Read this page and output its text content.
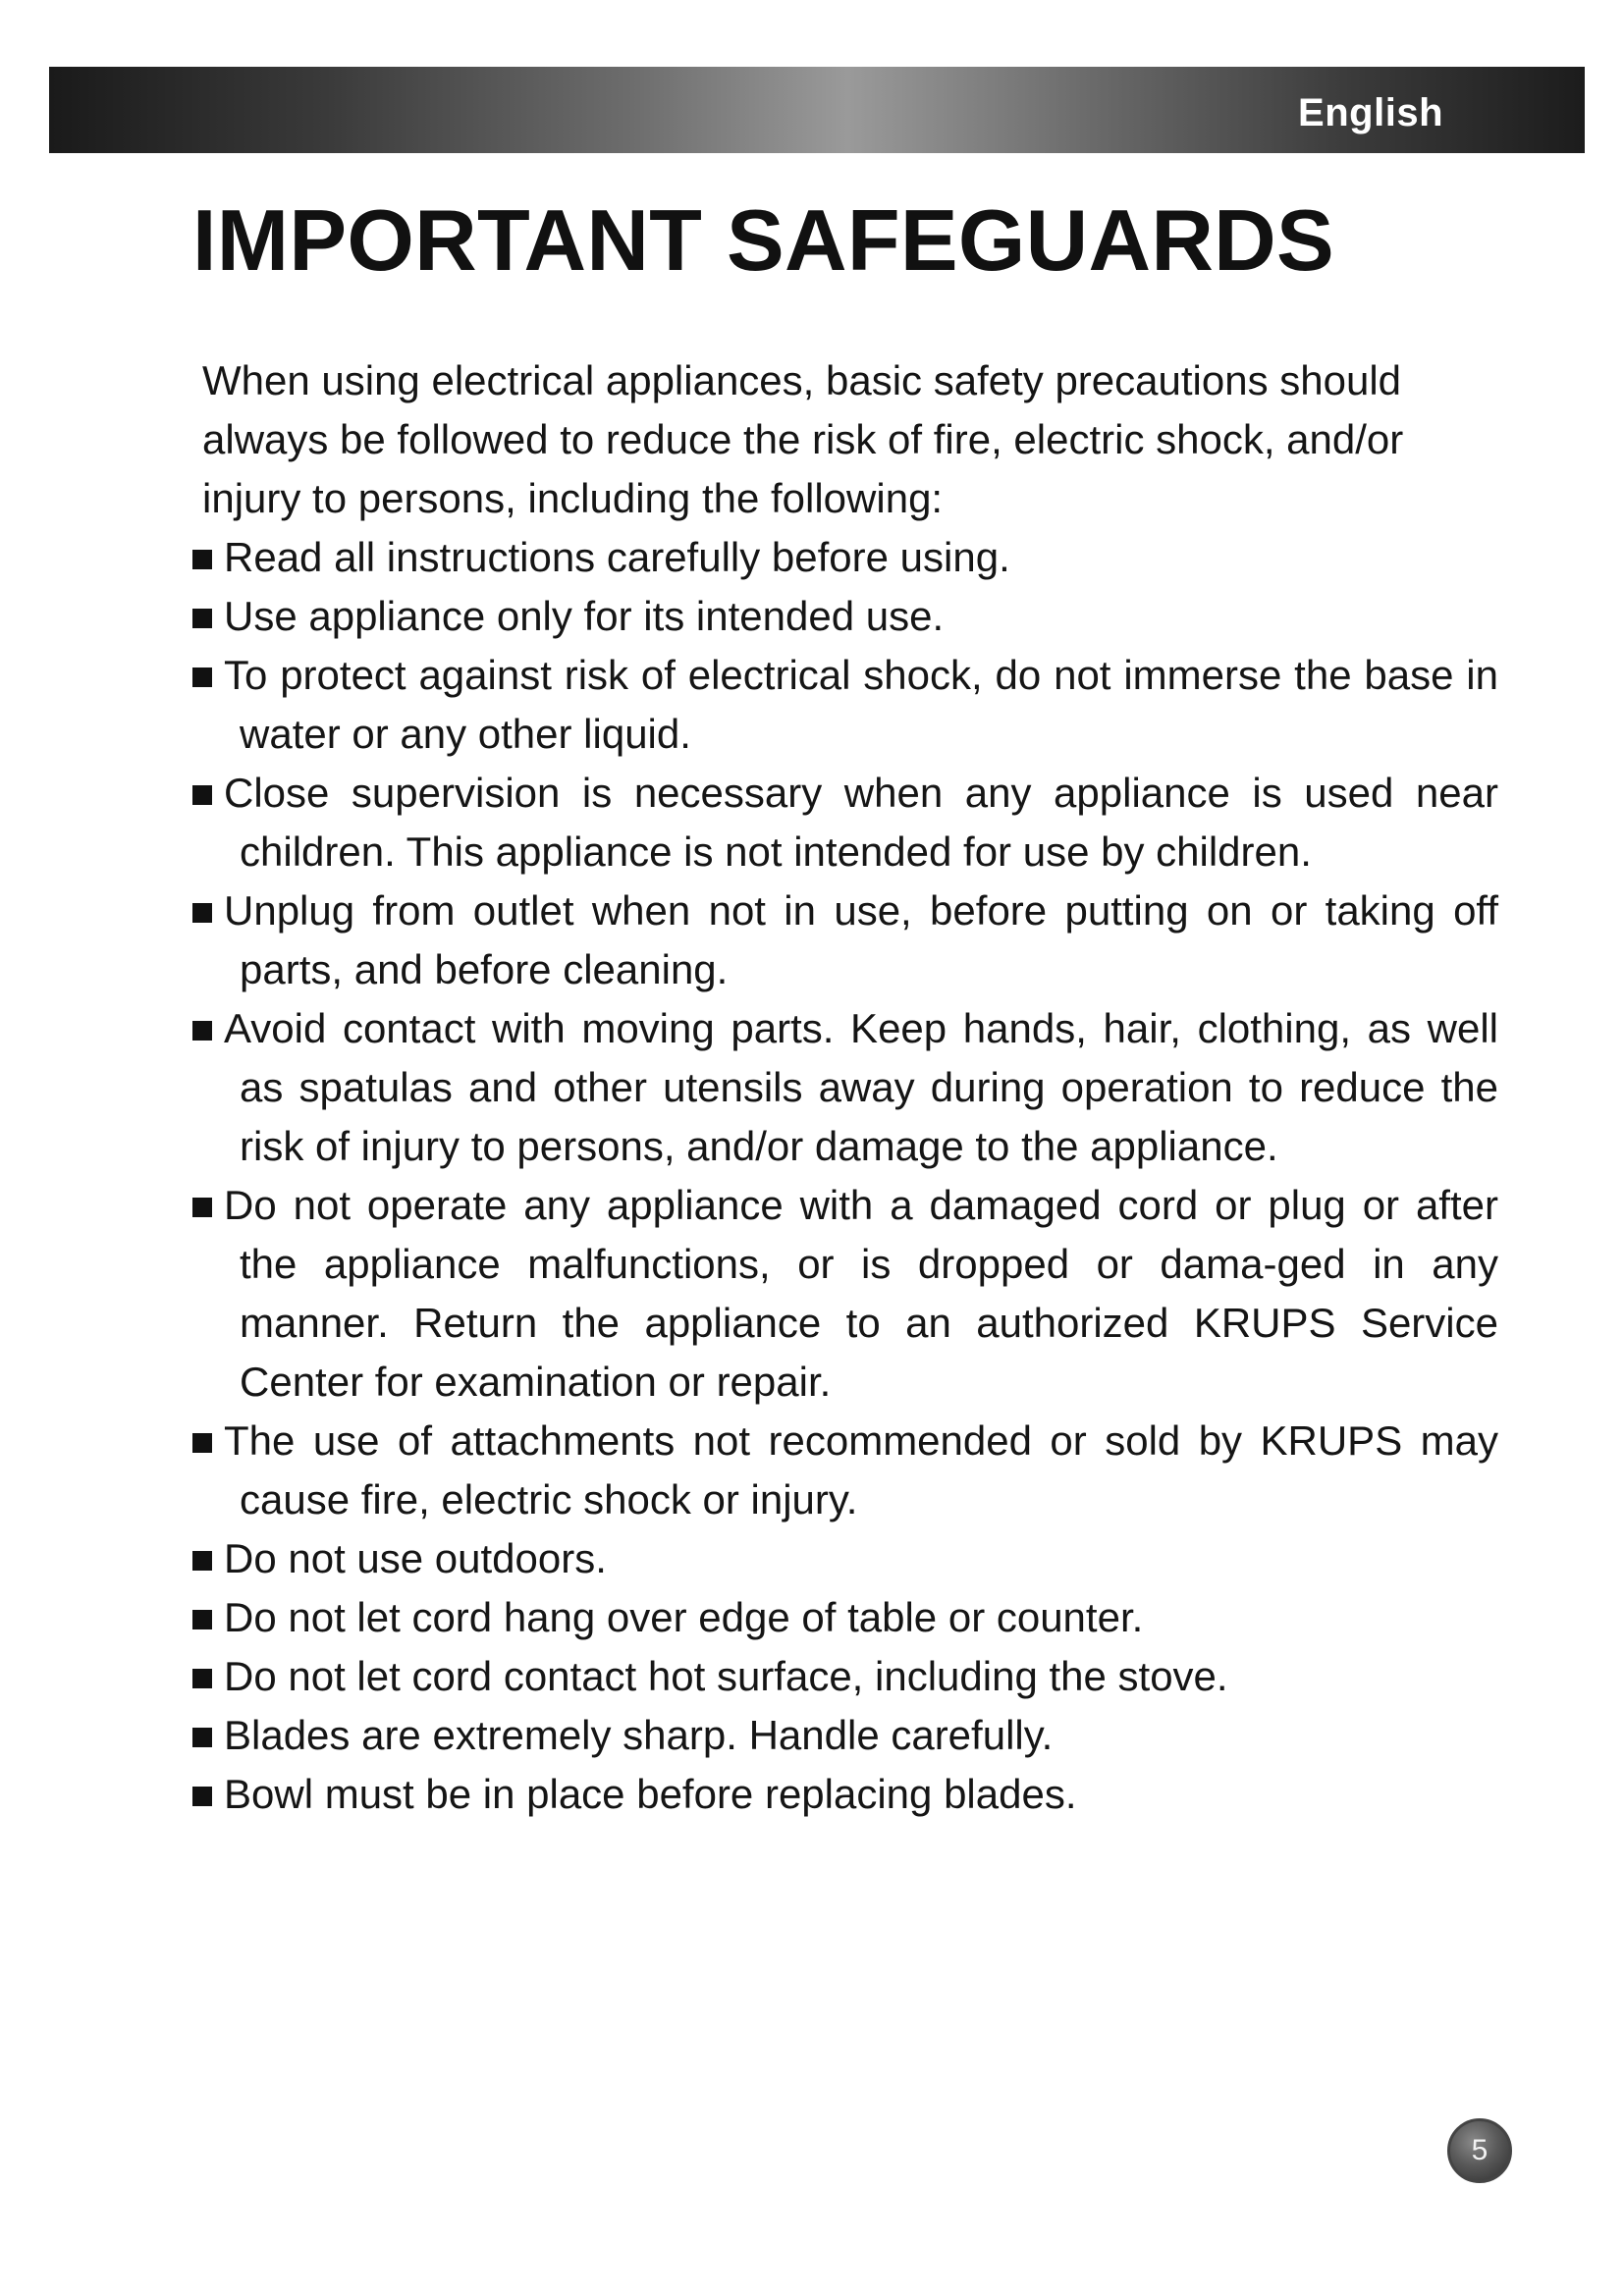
English
IMPORTANT SAFEGUARDS

When using electrical appliances, basic safety precautions should always be followed to reduce the risk of fire, electric shock, and/or injury to persons, including the following:

Read all instructions carefully before using.
Use appliance only for its intended use.
To protect against risk of electrical shock, do not immerse the base in water or any other liquid.
Close supervision is necessary when any appliance is used near children. This appliance is not intended for use by children.
Unplug from outlet when not in use, before putting on or taking off parts, and before cleaning.
Avoid contact with moving parts. Keep hands, hair, clothing, as well as spatulas and other utensils away during operation to reduce the risk of injury to persons, and/or damage to the appliance.
Do not operate any appliance with a damaged cord or plug or after the appliance malfunctions, or is dropped or dama-ged in any manner. Return the appliance to an authorized KRUPS Service Center for examination or repair.
The use of attachments not recommended or sold by KRUPS may cause fire, electric shock or injury.
Do not use outdoors.
Do not let cord hang over edge of table or counter.
Do not let cord contact hot surface, including the stove.
Blades are extremely sharp. Handle carefully.
Bowl must be in place before replacing blades.
5
